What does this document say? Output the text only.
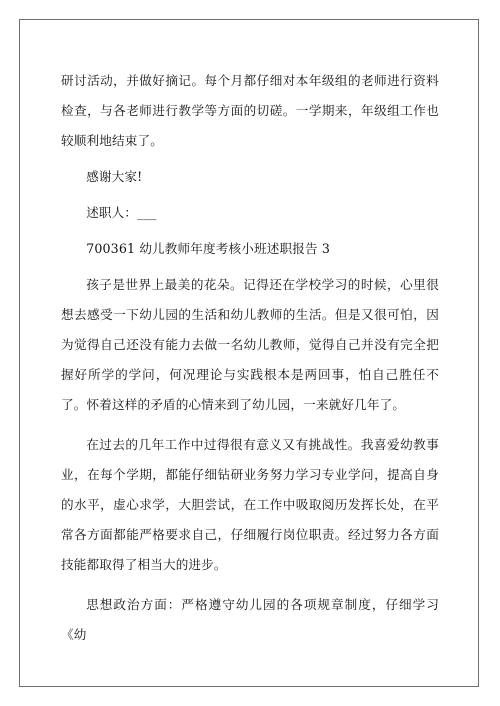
研讨活动，并做好摘记。每个月都仔细对本年级组的老师进行资料检查，与各老师进行教学等方面的切磋。一学期来，年级组工作也较顺利地结束了。

感谢大家!

述职人：___

700361 幼儿教师年度考核小班述职报告 3

孩子是世界上最美的花朵。记得还在学校学习的时候，心里很想去感受一下幼儿园的生活和幼儿教师的生活。但是又很可怕，因为觉得自己还没有能力去做一名幼儿教师，觉得自己并没有完全把握好所学的学问，何况理论与实践根本是两回事，怕自己胜任不了。怀着这样的矛盾的心情来到了幼儿园，一来就好几年了。

在过去的几年工作中过得很有意义又有挑战性。我喜爱幼教事业，在每个学期，都能仔细钻研业务努力学习专业学问，提高自身的水平，虚心求学，大胆尝试，在工作中吸取阅历发挥长处，在平常各方面都能严格要求自己，仔细履行岗位职责。经过努力各方面技能都取得了相当大的进步。

思想政治方面：严格遵守幼儿园的各项规章制度，仔细学习《幼
